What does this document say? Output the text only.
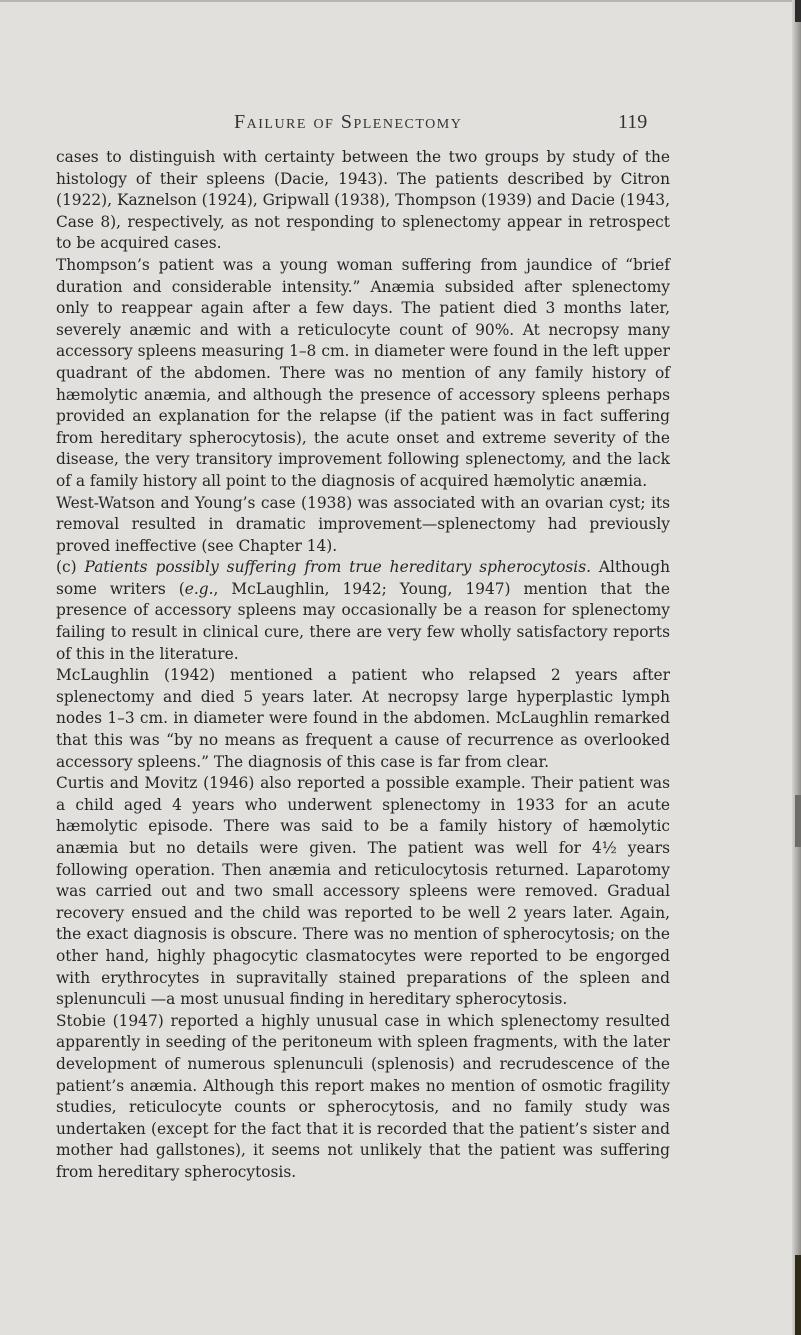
Failure of Splenectomy	119

cases to distinguish with certainty between the two groups by study of the histology of their spleens (Dacie, 1943). The patients described by Citron (1922), Kaznelson (1924), Gripwall (1938), Thompson (1939) and Dacie (1943, Case 8), respectively, as not responding to splenectomy appear in retrospect to be acquired cases.

Thompson’s patient was a young woman suffering from jaundice of “brief duration and considerable intensity.” Anæmia subsided after splenectomy only to reappear again after a few days. The patient died 3 months later, severely anæmic and with a reticulocyte count of 90%. At necropsy many accessory spleens measuring 1–8 cm. in diameter were found in the left upper quadrant of the abdomen. There was no mention of any family history of hæmolytic anæmia, and although the presence of accessory spleens perhaps provided an explanation for the relapse (if the patient was in fact suffering from hereditary spherocytosis), the acute onset and extreme severity of the disease, the very transitory improvement following splenectomy, and the lack of a family history all point to the diagnosis of acquired hæmolytic anæmia.

West-Watson and Young’s case (1938) was associated with an ovarian cyst; its removal resulted in dramatic improvement—splenectomy had previously proved ineffective (see Chapter 14).

(c) Patients possibly suffering from true hereditary spherocytosis. Although some writers (e.g., McLaughlin, 1942; Young, 1947) mention that the presence of accessory spleens may occasionally be a reason for splenectomy failing to result in clinical cure, there are very few wholly satisfactory reports of this in the literature.

McLaughlin (1942) mentioned a patient who relapsed 2 years after splenectomy and died 5 years later. At necropsy large hyperplastic lymph nodes 1–3 cm. in diameter were found in the abdomen. McLaughlin remarked that this was “by no means as frequent a cause of recurrence as overlooked accessory spleens.” The diagnosis of this case is far from clear.

Curtis and Movitz (1946) also reported a possible example. Their patient was a child aged 4 years who underwent splenectomy in 1933 for an acute hæmolytic episode. There was said to be a family history of hæmolytic anæmia but no details were given. The patient was well for 4½ years following operation. Then anæmia and reticulocytosis returned. Laparotomy was carried out and two small accessory spleens were removed. Gradual recovery ensued and the child was reported to be well 2 years later. Again, the exact diagnosis is obscure. There was no mention of spherocytosis; on the other hand, highly phagocytic clasmatocytes were reported to be engorged with erythrocytes in supravitally stained preparations of the spleen and splenunculi —a most unusual finding in hereditary spherocytosis.

Stobie (1947) reported a highly unusual case in which splenectomy resulted apparently in seeding of the peritoneum with spleen fragments, with the later development of numerous splenunculi (splenosis) and recrudescence of the patient’s anæmia. Although this report makes no mention of osmotic fragility studies, reticulocyte counts or spherocytosis, and no family study was undertaken (except for the fact that it is recorded that the patient’s sister and mother had gallstones), it seems not unlikely that the patient was suffering from hereditary spherocytosis.
